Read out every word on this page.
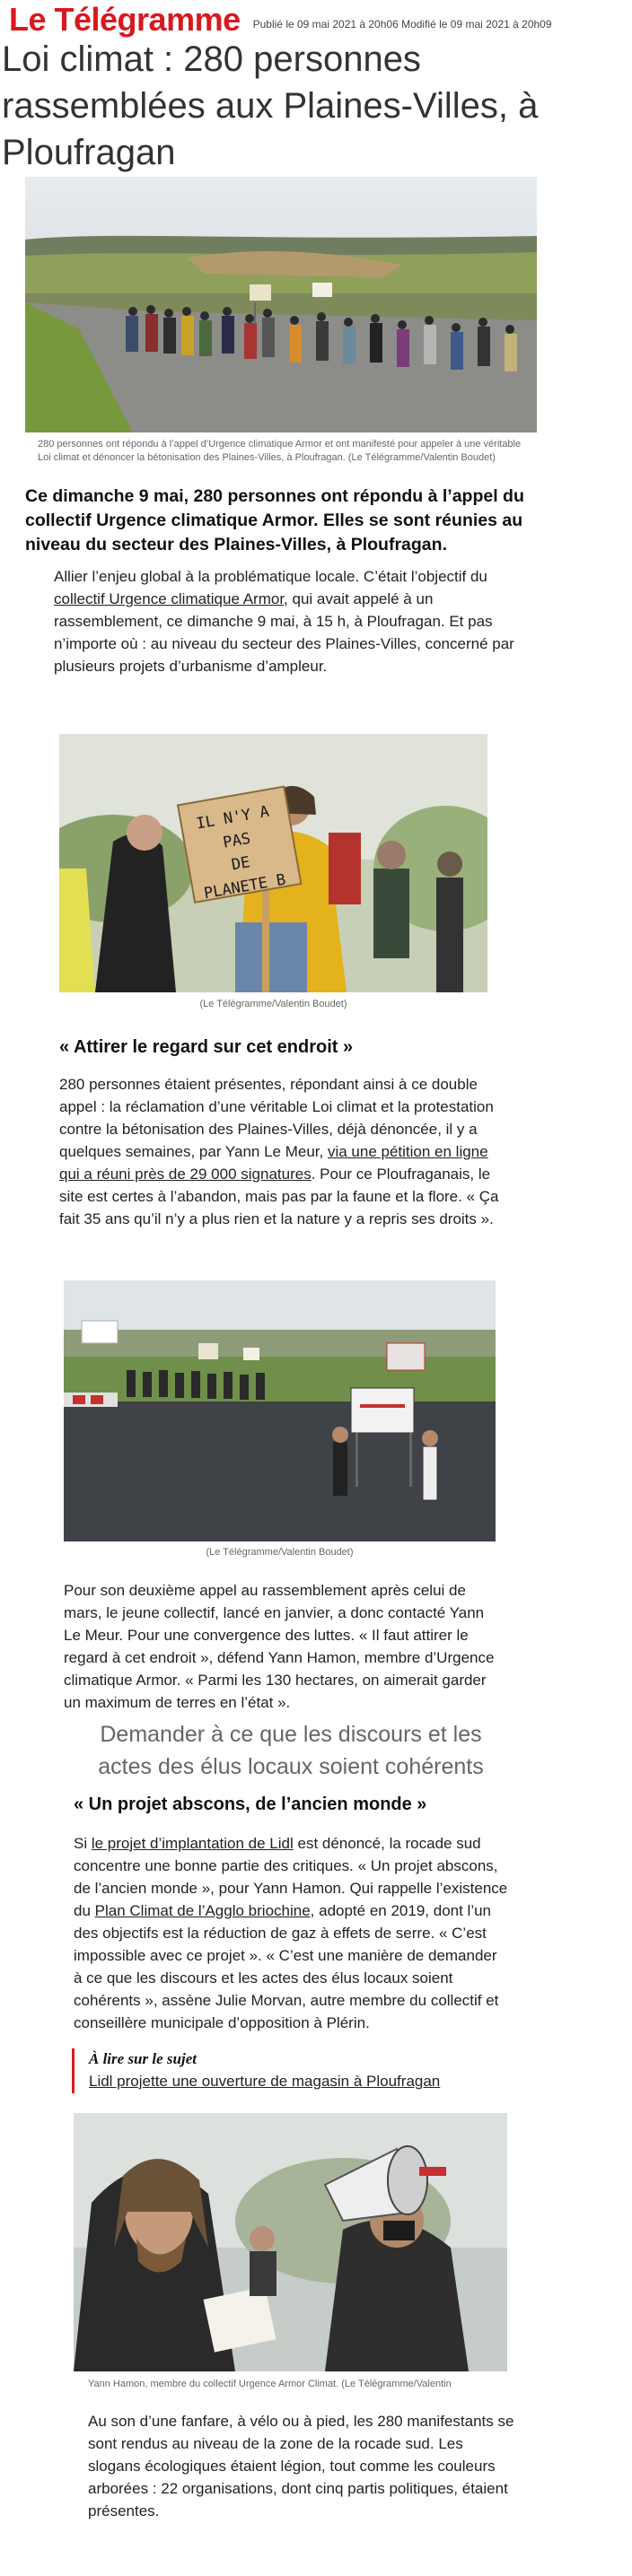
Le Télégramme Publié le 09 mai 2021 à 20h06 Modifié le 09 mai 2021 à 20h09
Loi climat : 280 personnes rassemblées aux Plaines-Villes, à Ploufragan
280 personnes ont répondu à l’appel d’Urgence climatique Armor et ont manifesté pour appeler à une véritable Loi climat et dénoncer la bétonisation des Plaines-Villes, à Ploufragan. (Le Télégramme/Valentin Boudet)

Ce dimanche 9 mai, 280 personnes ont répondu à l’appel du collectif Urgence climatique Armor. Elles se sont réunies au niveau du secteur des Plaines-Villes, à Ploufragan.

Allier l’enjeu global à la problématique locale. C’était l’objectif du collectif Urgence climatique Armor, qui avait appelé à un rassemblement, ce dimanche 9 mai, à 15 h, à Ploufragan. Et pas n’importe où : au niveau du secteur des Plaines-Villes, concerné par plusieurs projets d’urbanisme d’ampleur.

IL N'Y A PAS
DE
PLANETE B
(Le Télégramme/Valentin Boudet)
« Attirer le regard sur cet endroit »

280 personnes étaient présentes, répondant ainsi à ce double appel : la réclamation d’une véritable Loi climat et la protestation contre la bétonisation des Plaines-Villes, déjà dénoncée, il y a quelques semaines, par Yann Le Meur, via une pétition en ligne qui a réuni près de 29 000 signatures. Pour ce Ploufraganais, le site est certes à l’abandon, mais pas par la faune et la flore. « Ça fait 35 ans qu’il n’y a plus rien et la nature y a repris ses droits ».

(Le Télégramme/Valentin Boudet)

Pour son deuxième appel au rassemblement après celui de mars, le jeune collectif, lancé en janvier, a donc contacté Yann Le Meur. Pour une convergence des luttes. « Il faut attirer le regard à cet endroit », défend Yann Hamon, membre d’Urgence climatique Armor. « Parmi les 130 hectares, on aimerait garder un maximum de terres en l’état ».

Demander à ce que les discours et les actes des élus locaux soient cohérents
« Un projet abscons, de l’ancien monde »

Si le projet d’implantation de Lidl est dénoncé, la rocade sud concentre une bonne partie des critiques. « Un projet abscons, de l’ancien monde », pour Yann Hamon. Qui rappelle l’existence du Plan Climat de l’Agglo briochine, adopté en 2019, dont l’un des objectifs est la réduction de gaz à effets de serre. « C’est impossible avec ce projet ». « C’est une manière de demander à ce que les discours et les actes des élus locaux soient cohérents », assène Julie Morvan, autre membre du collectif et conseillère municipale d’opposition à Plérin.

À lire sur le sujet
Lidl projette une ouverture de magasin à Ploufragan
Yann Hamon, membre du collectif Urgence Armor Climat. (Le Télégramme/Valentin

Au son d’une fanfare, à vélo ou à pied, les 280 manifestants se sont rendus au niveau de la zone de la rocade sud. Les slogans écologiques étaient légion, tout comme les couleurs arborées : 22 organisations, dont cinq partis politiques, étaient présentes.
